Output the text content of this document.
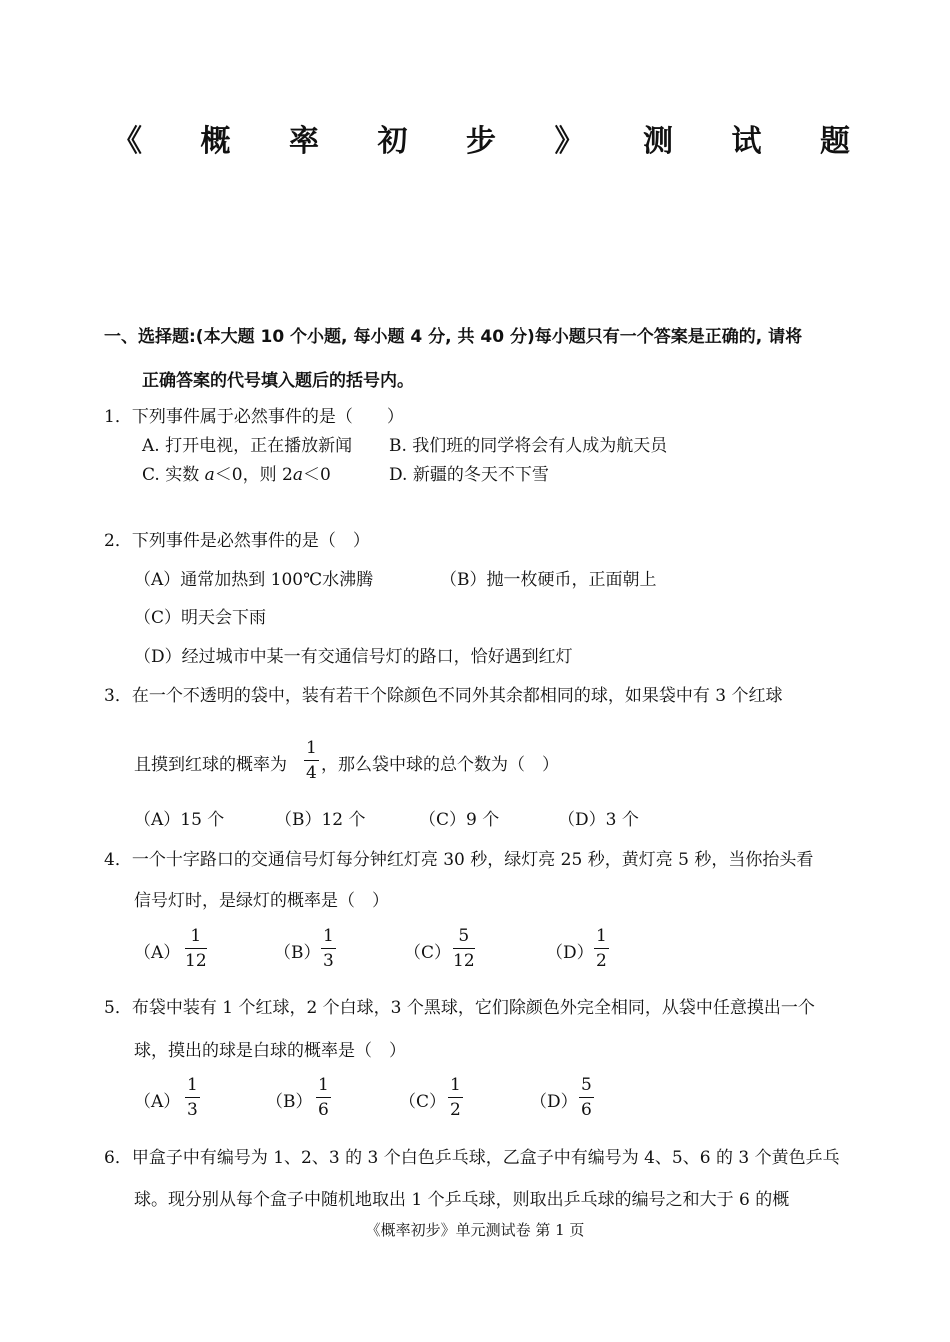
《 概 率 初 步 》 测 试 题
一、选择题:(本大题 10 个小题, 每小题 4 分, 共 40 分)每小题只有一个答案是正确的, 请将
正确答案的代号填入题后的括号内。
1．下列事件属于必然事件的是（　　）
A. 打开电视，正在播放新闻 B. 我们班的同学将会有人成为航天员
C. 实数 a＜0，则 2a＜0	D. 新疆的冬天不下雪
2．下列事件是必然事件的是（　）
（A）通常加热到 100℃水沸腾	（B）抛一枚硬币，正面朝上
（C）明天会下雨
（D）经过城市中某一有交通信号灯的路口，恰好遇到红灯
3．在一个不透明的袋中，装有若干个除颜色不同外其余都相同的球，如果袋中有 3 个红球
且摸到红球的概率为
1
4 ，那么袋中球的总个数为（　）
（A）15 个	（B）12 个	（C）9 个	（D）3 个
4．一个十字路口的交通信号灯每分钟红灯亮 30 秒，绿灯亮 25 秒，黄灯亮 5 秒，当你抬头看
信号灯时，是绿灯的概率是（　）
（A）
1
12	（B）
1
3	（C）
5
12	（D）
1
2
5．布袋中装有 1 个红球，2 个白球，3 个黑球，它们除颜色外完全相同，从袋中任意摸出一个
球，摸出的球是白球的概率是（　）
（A）
1
3	（B）
1
6	（C）
1
2	（D）
5
6
6．甲盒子中有编号为 1、2、3 的 3 个白色乒乓球，乙盒子中有编号为 4、5、6 的 3 个黄色乒乓
球。现分别从每个盒子中随机地取出 1 个乒乓球，则取出乒乓球的编号之和大于 6 的概
《概率初步》单元测试卷 第 1 页
